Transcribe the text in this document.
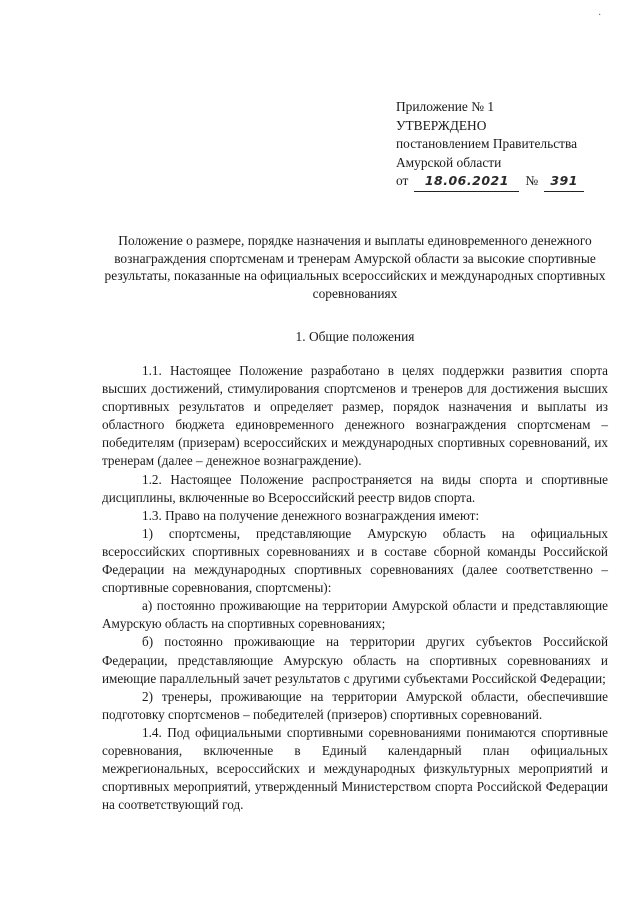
·
Приложение № 1
УТВЕРЖДЕНО
постановлением Правительства
Амурской области
от	18.06.2021	№ 391
Положение о размере, порядке назначения и выплаты единовременного денежного вознаграждения спортсменам и тренерам Амурской области за высокие спортивные результаты, показанные на официальных всероссийских и международных спортивных соревнованиях
1. Общие положения

1.1. Настоящее Положение разработано в целях поддержки развития спорта высших достижений, стимулирования спортсменов и тренеров для достижения высших спортивных результатов и определяет размер, порядок назначения и выплаты из областного бюджета единовременного денежного вознаграждения спортсменам – победителям (призерам) всероссийских и международных спортивных соревнований, их тренерам (далее – денежное вознаграждение).

1.2. Настоящее Положение распространяется на виды спорта и спортивные дисциплины, включенные во Всероссийский реестр видов спорта.

1.3. Право на получение денежного вознаграждения имеют:

1) спортсмены, представляющие Амурскую область на официальных всероссийских спортивных соревнованиях и в составе сборной команды Российской Федерации на международных спортивных соревнованиях (далее соответственно – спортивные соревнования, спортсмены):

а) постоянно проживающие на территории Амурской области и представляющие Амурскую область на спортивных соревнованиях;

б) постоянно проживающие на территории других субъектов Российской Федерации, представляющие Амурскую область на спортивных соревнованиях и имеющие параллельный зачет результатов с другими субъектами Российской Федерации;

2) тренеры, проживающие на территории Амурской области, обеспечившие подготовку спортсменов – победителей (призеров) спортивных соревнований.

1.4. Под официальными спортивными соревнованиями понимаются спортивные соревнования, включенные в Единый календарный план официальных межрегиональных, всероссийских и международных физкультурных мероприятий и спортивных мероприятий, утвержденный Министерством спорта Российской Федерации на соответствующий год.
